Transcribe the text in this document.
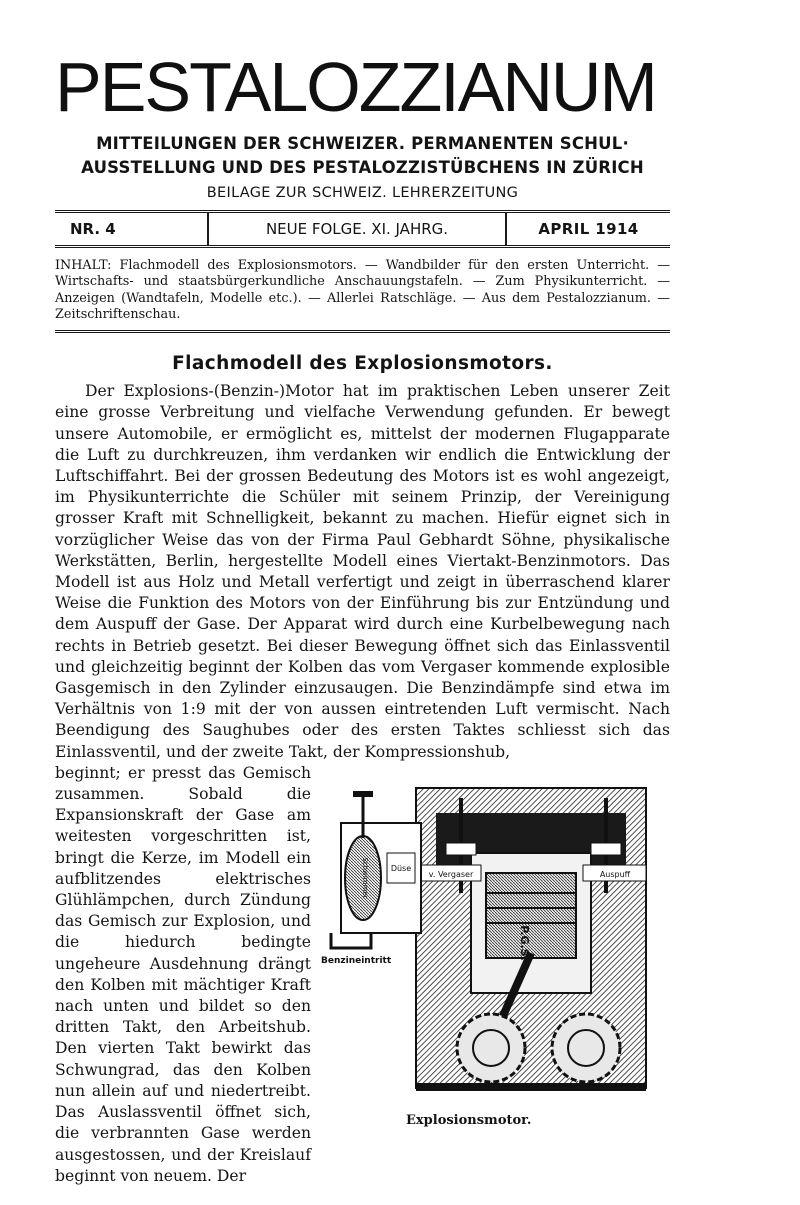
PESTALOZZIANUM
MITTEILUNGEN DER SCHWEIZER. PERMANENTEN SCHUL·
AUSSTELLUNG UND DES PESTALOZZISTÜBCHENS IN ZÜRICH
BEILAGE ZUR SCHWEIZ. LEHRERZEITUNG
NR. 4	NEUE FOLGE. XI. JAHRG.	APRIL 1914
INHALT: Flachmodell des Explosionsmotors. — Wandbilder für den ersten Unterricht. — Wirtschafts- und staatsbürgerkundliche Anschauungstafeln. — Zum Physikunterricht. — Anzeigen (Wandtafeln, Modelle etc.). — Allerlei Ratschläge. — Aus dem Pestalozzianum. — Zeitschriftenschau.
Flachmodell des Explosionsmotors.

Der Explosions-(Benzin-)Motor hat im praktischen Leben unserer Zeit eine grosse Verbreitung und vielfache Verwendung gefunden. Er bewegt unsere Automobile, er ermöglicht es, mittelst der modernen Flugapparate die Luft zu durchkreuzen, ihm verdanken wir endlich die Entwicklung der Luftschiffahrt. Bei der grossen Bedeutung des Motors ist es wohl angezeigt, im Physikunterrichte die Schüler mit seinem Prinzip, der Vereinigung grosser Kraft mit Schnelligkeit, bekannt zu machen. Hiefür eignet sich in vorzüglicher Weise das von der Firma Paul Gebhardt Söhne, physikalische Werkstätten, Berlin, hergestellte Modell eines Viertakt-Benzinmotors. Das Modell ist aus Holz und Metall verfertigt und zeigt in überraschend klarer Weise die Funktion des Motors von der Einführung bis zur Entzündung und dem Auspuff der Gase. Der Apparat wird durch eine Kurbelbewegung nach rechts in Betrieb gesetzt. Bei dieser Bewegung öffnet sich das Einlassventil und gleichzeitig beginnt der Kolben das vom Vergaser kommende explosible Gasgemisch in den Zylinder einzusaugen. Die Benzindämpfe sind etwa im Verhältnis von 1:9 mit der von aussen eintretenden Luft vermischt. Nach Beendigung des Saughubes oder des ersten Taktes schliesst sich das Einlassventil, und der zweite Takt, der Kompressionshub,

beginnt; er presst das Gemisch zusammen. Sobald die Expansionskraft der Gase am weitesten vorgeschritten ist, bringt die Kerze, im Modell ein aufblitzendes elektrisches Glühlämpchen, durch Zündung das Gemisch zur Explosion, und die hiedurch bedingte ungeheure Ausdehnung drängt den Kolben mit mächtiger Kraft nach unten und bildet so den dritten Takt, den Arbeitshub. Den vierten Takt bewirkt das Schwungrad, das den Kolben nun allein auf und niedertreibt. Das Auslassventil öffnet sich, die verbrannten Gase werden ausgestossen, und der Kreislauf beginnt von neuem. Der

P.G.S.
v. Vergaser	Auspuff
Schwimmer	Düse
Benzineintritt
Explosionsmotor.
